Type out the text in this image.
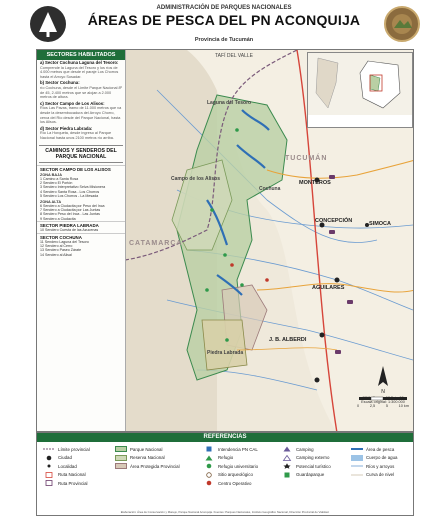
ADMINISTRACIÓN DE PARQUES NACIONALES
ÁREAS DE PESCA DEL PN ACONQUIJA
Provincia de Tucumán
TAFÍ DEL VALLE
TUCUMÁN
CATAMARCA
MONTEROS
SIMOCA
CONCEPCIÓN
AGUILARES
J. B. ALBERDI
Laguna del Tesoro
Cochuna
Campo de los Alisos
Piedra Labrada
SECTORES HABILITADOS
a) Sector Cochuna Laguna del Tesoro:
Comprende la Laguna del Tesoro y los ríos de 4.000 metros que desde el paraje Los Chorros hasta el Arroyo Sosadar.
b) Sector Cochuna:
río Cochuna, desde el Limite Parque Nacional 8º de 45, 2.400 metros que se alojan a 2.000 metros de altura.
c) Sector Campo de Los Alisos:
Ríos Las Pavas, tramo de 11.000 metros que va desde la desembocadura del Arroyo Chorro, cerca del Río desde del Parque Nacional, hasta los Alisos.
d) Sector Piedra Labrada:
Río La Horqueta, desde ingreso al Parque Nacional hasta unos 2100 metros río arriba.
CAMINOS Y SENDEROS DEL PARQUE NACIONAL
SECTOR CAMPO DE LOS ALISOS
ZONA BAJA
1 Camino a Santa Rosa
2 Sendero El Portón
3 Sendero Interpretativo Selva Misionera
4 Sendero Santa Rosa - Los Chorros
5 Sendero Los Chorros - La Mesada
ZONA ALTA
6 Sendero a Ciudacita por Peso del Inca
7 Sendero a Ciudacita por Las Juntas
8 Sendero Peso del Inca - Las Juntas
9 Sendero a Ciudacita
SECTOR PIEDRA LABRADA
10 Sendero Cuesta de las Azucenas
SECTOR COCHUNA
11 Sendero Laguna del Tesoro
12 Sendero al Cerro
13 Sendero Paseo Zárate
14 Sendero al Alisal
N
Escala original: 1:300.000
0	2,5	5	10 km
REFERENCIAS
Límite provincial
Ciudad
Localidad
Ruta Nacional
Ruta Provincial
Parque Nacional
Reserva Nacional
Área Protegida Provincial
Intendencia PN CAL
Refugio
Refugio universitario
Sitio arqueológico
Centro Operativo
Camping
Camping externo
Potencial turístico
Guardaparque
Área de pesca
Cuerpo de agua
Ríos y arroyos
Curva de nivel
Elaboración: Área de Conservación y Manejo, Parque Nacional Aconquija. Fuentes: Parques Nacionales, Instituto Geográfico Nacional, Dirección Provincial de Vialidad.
